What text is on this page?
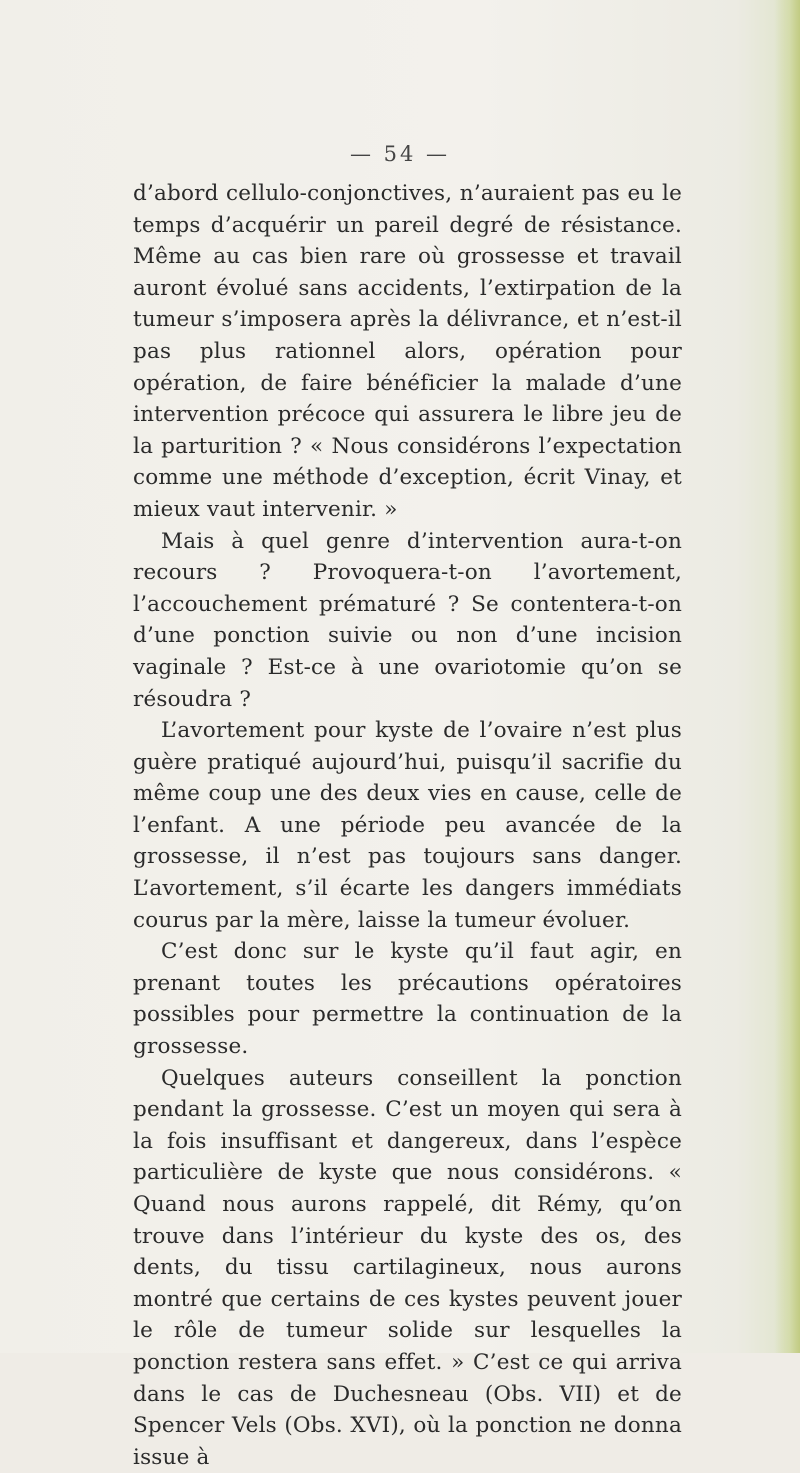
— 54 —

d’abord cellulo-conjonctives, n’auraient pas eu le temps d’acquérir un pareil degré de résistance. Même au cas bien rare où grossesse et travail auront évolué sans accidents, l’extirpation de la tumeur s’imposera après la délivrance, et n’est-il pas plus rationnel alors, opération pour opération, de faire bénéficier la malade d’une intervention précoce qui assurera le libre jeu de la parturition ? « Nous considérons l’expectation comme une méthode d’exception, écrit Vinay, et mieux vaut intervenir. »

Mais à quel genre d’intervention aura-t-on recours ? Provoquera-t-on l’avortement, l’accouchement prématuré ? Se contentera-t-on d’une ponction suivie ou non d’une incision vaginale ? Est-ce à une ovariotomie qu’on se résoudra ?

L’avortement pour kyste de l’ovaire n’est plus guère pratiqué aujourd’hui, puisqu’il sacrifie du même coup une des deux vies en cause, celle de l’enfant. A une période peu avancée de la grossesse, il n’est pas toujours sans danger. L’avortement, s’il écarte les dangers immédiats courus par la mère, laisse la tumeur évoluer.

C’est donc sur le kyste qu’il faut agir, en prenant toutes les précautions opératoires possibles pour permettre la continuation de la grossesse.

Quelques auteurs conseillent la ponction pendant la grossesse. C’est un moyen qui sera à la fois insuffisant et dangereux, dans l’espèce particulière de kyste que nous considérons. « Quand nous aurons rappelé, dit Rémy, qu’on trouve dans l’intérieur du kyste des os, des dents, du tissu cartilagineux, nous aurons montré que certains de ces kystes peuvent jouer le rôle de tumeur solide sur lesquelles la ponction restera sans effet. » C’est ce qui arriva dans le cas de Duchesneau (Obs. VII) et de Spencer Vels (Obs. XVI), où la ponction ne donna issue à
